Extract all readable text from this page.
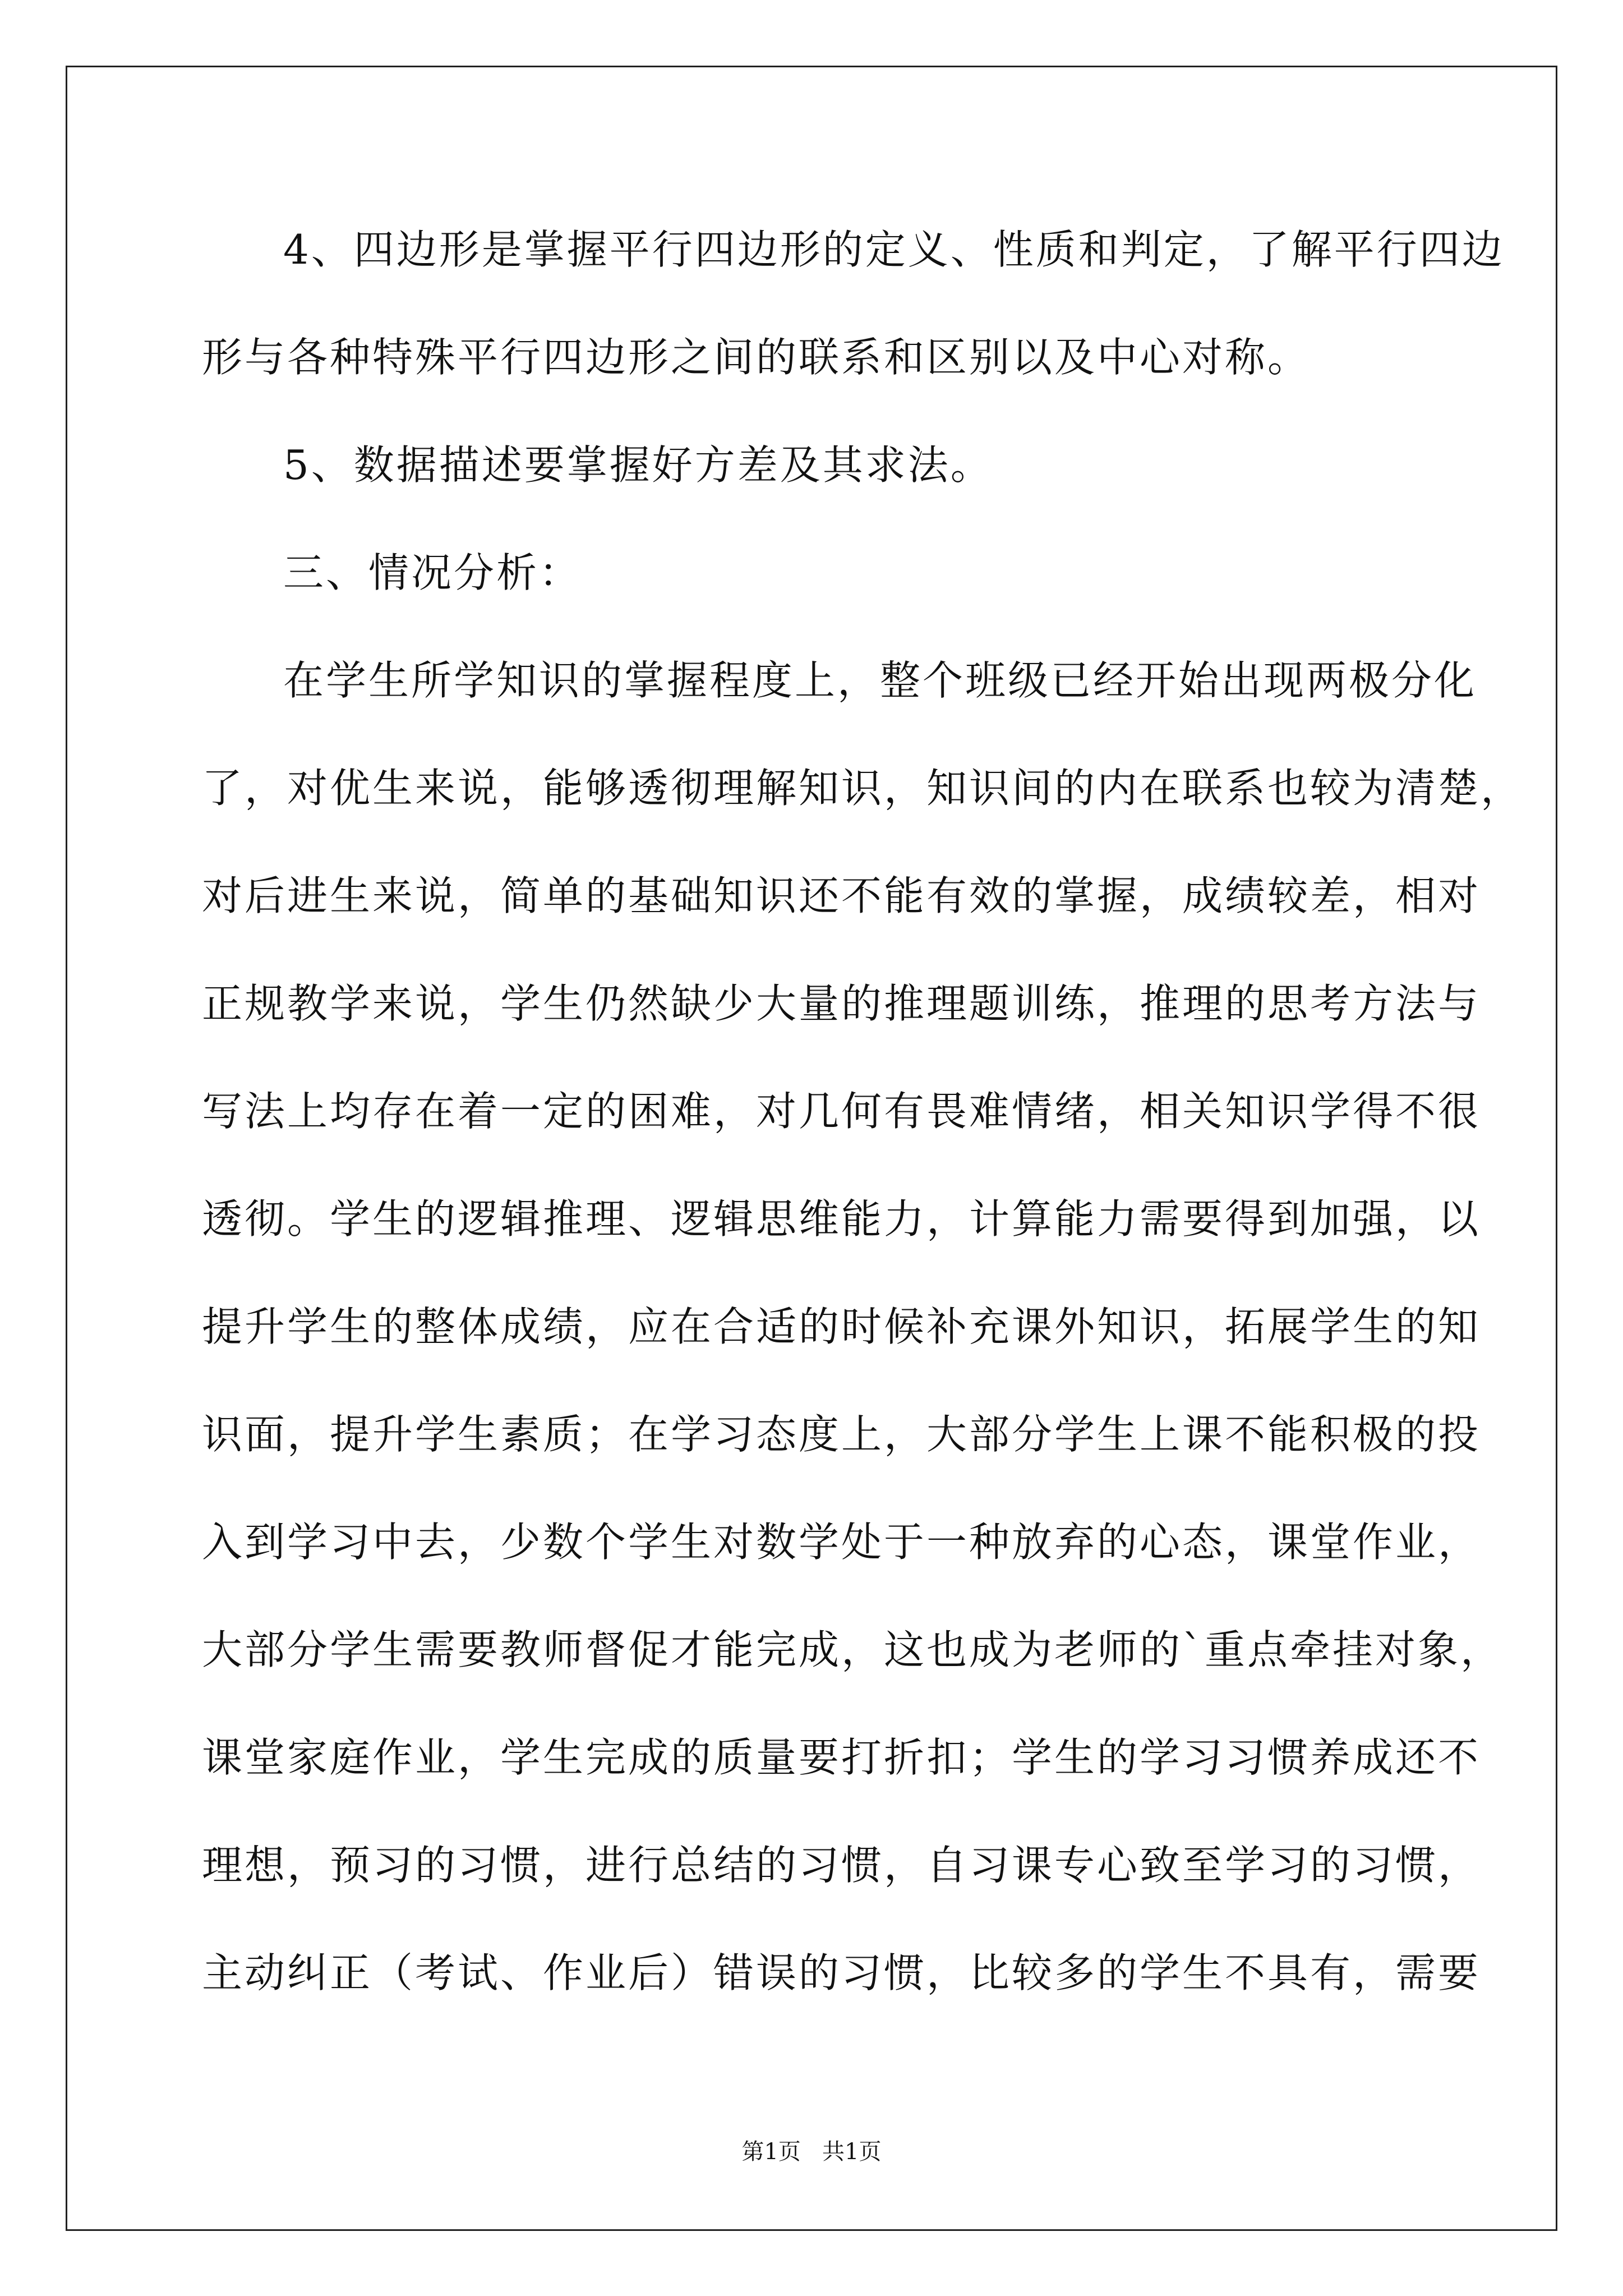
4、四边形是掌握平行四边形的定义、性质和判定，了解平行四边
形与各种特殊平行四边形之间的联系和区别以及中心对称。
5、数据描述要掌握好方差及其求法。
三、情况分析：
在学生所学知识的掌握程度上，整个班级已经开始出现两极分化
了，对优生来说，能够透彻理解知识，知识间的内在联系也较为清楚，
对后进生来说，简单的基础知识还不能有效的掌握，成绩较差，相对
正规教学来说，学生仍然缺少大量的推理题训练，推理的思考方法与
写法上均存在着一定的困难，对几何有畏难情绪，相关知识学得不很
透彻。学生的逻辑推理、逻辑思维能力，计算能力需要得到加强，以
提升学生的整体成绩，应在合适的时候补充课外知识，拓展学生的知
识面，提升学生素质；在学习态度上，大部分学生上课不能积极的投
入到学习中去，少数个学生对数学处于一种放弃的心态，课堂作业，
大部分学生需要教师督促才能完成，这也成为老师的`重点牵挂对象，
课堂家庭作业，学生完成的质量要打折扣；学生的学习习惯养成还不
理想，预习的习惯，进行总结的习惯，自习课专心致至学习的习惯，
主动纠正（考试、作业后）错误的习惯，比较多的学生不具有，需要
第1页   共1页
